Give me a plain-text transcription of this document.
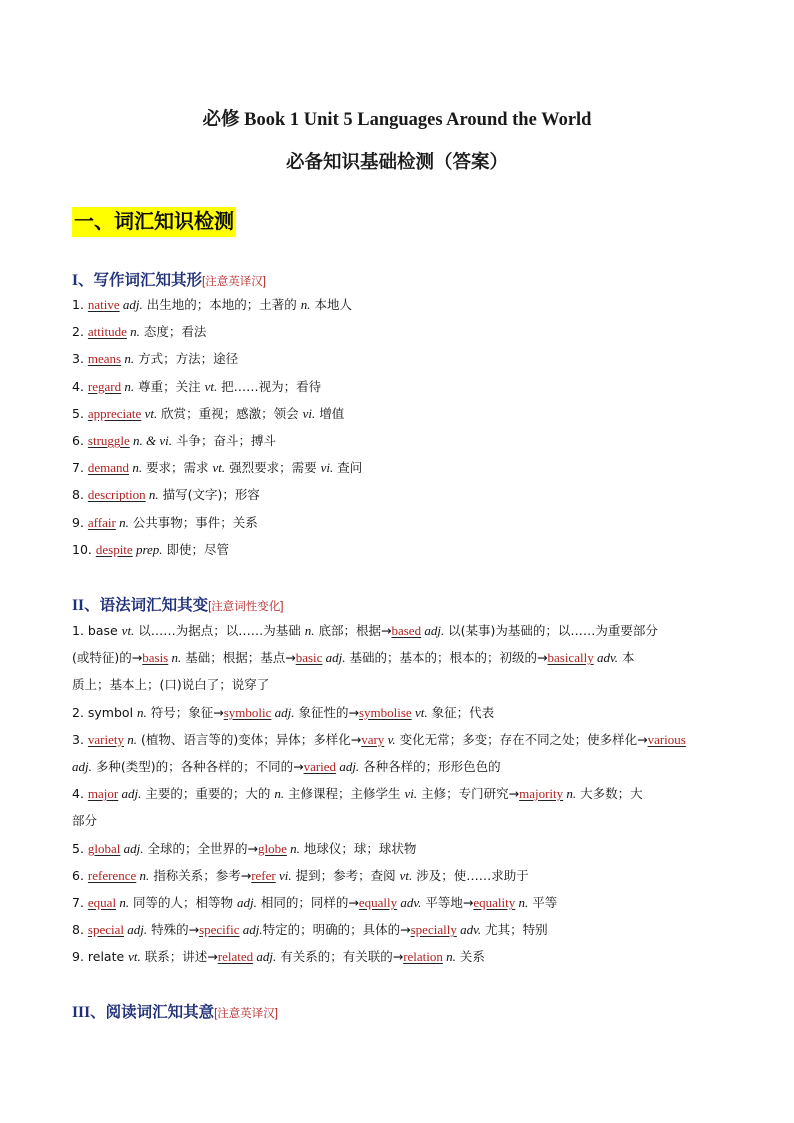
必修 Book 1 Unit 5 Languages Around the World
必备知识基础检测（答案）
一、词汇知识检测
I、写作词汇知其形[注意英译汉]
1. native adj. 出生地的；本地的；土著的 n. 本地人
2. attitude n. 态度；看法
3. means n. 方式；方法；途径
4. regard n. 尊重；关注 vt. 把……视为；看待
5. appreciate vt. 欣赏；重视；感激；领会 vi. 增值
6. struggle n. & vi. 斗争；奋斗；搏斗
7. demand n. 要求；需求 vt. 强烈要求；需要 vi. 查问
8. description n. 描写(文字)；形容
9. affair n. 公共事物；事件；关系
10. despite prep. 即使；尽管
II、语法词汇知其变[注意词性变化]
1. base vt. 以……为据点；以……为基础 n. 底部；根据→based adj. 以(某事)为基础的；以……为重要部分
(或特征)的→basis n. 基础；根据；基点→basic adj. 基础的；基本的；根本的；初级的→basically adv. 本
质上；基本上；(口)说白了；说穿了
2. symbol n. 符号；象征→symbolic adj. 象征性的→symbolise vt. 象征；代表
3. variety n. (植物、语言等的)变体；异体；多样化→vary v. 变化无常；多变；存在不同之处；使多样化→various
adj. 多种(类型)的；各种各样的；不同的→varied adj. 各种各样的；形形色色的
4. major adj. 主要的；重要的；大的 n. 主修课程；主修学生 vi. 主修；专门研究→majority n. 大多数；大
部分
5. global adj. 全球的；全世界的→globe n. 地球仪；球；球状物
6. reference n. 指称关系；参考→refer vi. 提到；参考；查阅 vt. 涉及；使……求助于
7. equal n. 同等的人；相等物 adj. 相同的；同样的→equally adv. 平等地→equality n. 平等
8. special adj. 特殊的→specific adj.特定的；明确的；具体的→specially adv. 尤其；特别
9. relate vt. 联系；讲述→related adj. 有关系的；有关联的→relation n. 关系
III、阅读词汇知其意[注意英译汉]
